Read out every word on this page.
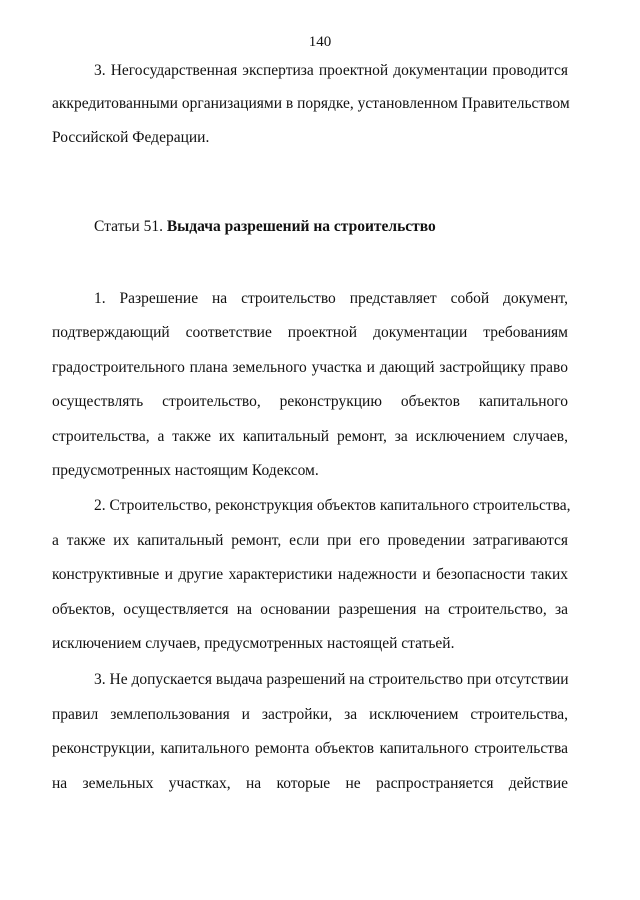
140
3. Негосударственная экспертиза проектной документации проводится
аккредитованными организациями в порядке, установленном Правительством
Российской Федерации.
Статьи 51. Выдача разрешений на строительство
1. Разрешение на строительство представляет собой документ,
подтверждающий соответствие проектной документации требованиям
градостроительного плана земельного участка и дающий застройщику право
осуществлять строительство, реконструкцию объектов капитального
строительства, а также их капитальный ремонт, за исключением случаев,
предусмотренных настоящим Кодексом.
2. Строительство, реконструкция объектов капитального строительства,
а также их капитальный ремонт, если при его проведении затрагиваются
конструктивные и другие характеристики надежности и безопасности таких
объектов, осуществляется на основании разрешения на строительство, за
исключением случаев, предусмотренных настоящей статьей.
3. Не допускается выдача разрешений на строительство при отсутствии
правил землепользования и застройки, за исключением строительства,
реконструкции, капитального ремонта объектов капитального строительства
на земельных участках, на которые не распространяется действие
